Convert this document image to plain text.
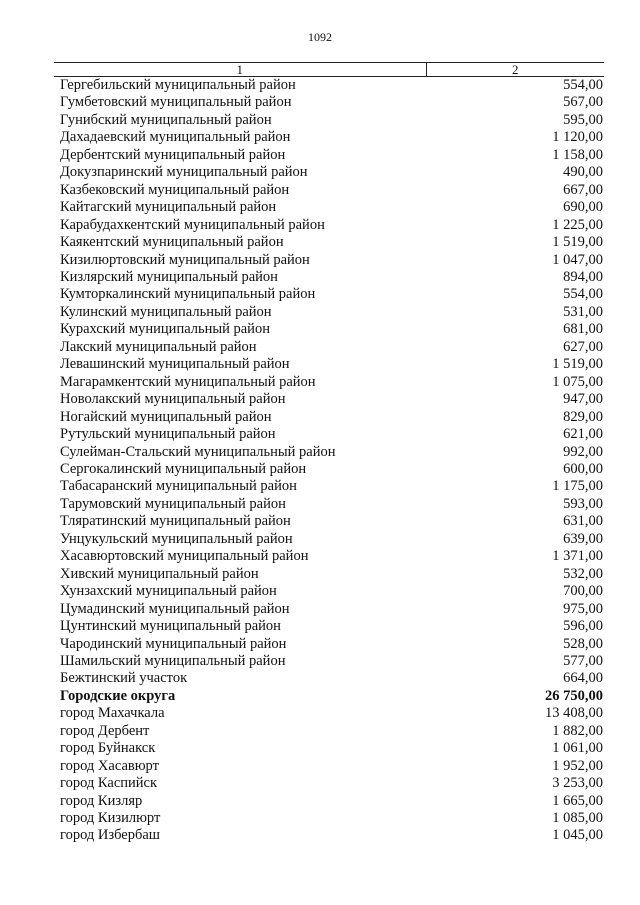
1092
1	2
Гергебильский муниципальный район	554,00
Гумбетовский муниципальный район	567,00
Гунибский муниципальный район	595,00
Дахадаевский муниципальный район	1 120,00
Дербентский муниципальный район	1 158,00
Докузпаринский муниципальный район	490,00
Казбековский муниципальный район	667,00
Кайтагский муниципальный район	690,00
Карабудахкентский муниципальный район	1 225,00
Каякентский муниципальный район	1 519,00
Кизилюртовский муниципальный район	1 047,00
Кизлярский муниципальный район	894,00
Кумторкалинский муниципальный район	554,00
Кулинский муниципальный район	531,00
Курахский муниципальный район	681,00
Лакский муниципальный район	627,00
Левашинский муниципальный район	1 519,00
Магарамкентский муниципальный район	1 075,00
Новолакский муниципальный район	947,00
Ногайский муниципальный район	829,00
Рутульский муниципальный район	621,00
Сулейман-Стальский муниципальный район	992,00
Сергокалинский муниципальный район	600,00
Табасаранский муниципальный район	1 175,00
Тарумовский муниципальный район	593,00
Тляратинский муниципальный район	631,00
Унцукульский муниципальный район	639,00
Хасавюртовский муниципальный район	1 371,00
Хивский муниципальный район	532,00
Хунзахский муниципальный район	700,00
Цумадинский муниципальный район	975,00
Цунтинский муниципальный район	596,00
Чародинский муниципальный район	528,00
Шамильский муниципальный район	577,00
Бежтинский участок	664,00
Городские округа	26 750,00
город Махачкала	13 408,00
город Дербент	1 882,00
город Буйнакск	1 061,00
город Хасавюрт	1 952,00
город Каспийск	3 253,00
город Кизляр	1 665,00
город Кизилюрт	1 085,00
город Избербаш	1 045,00
